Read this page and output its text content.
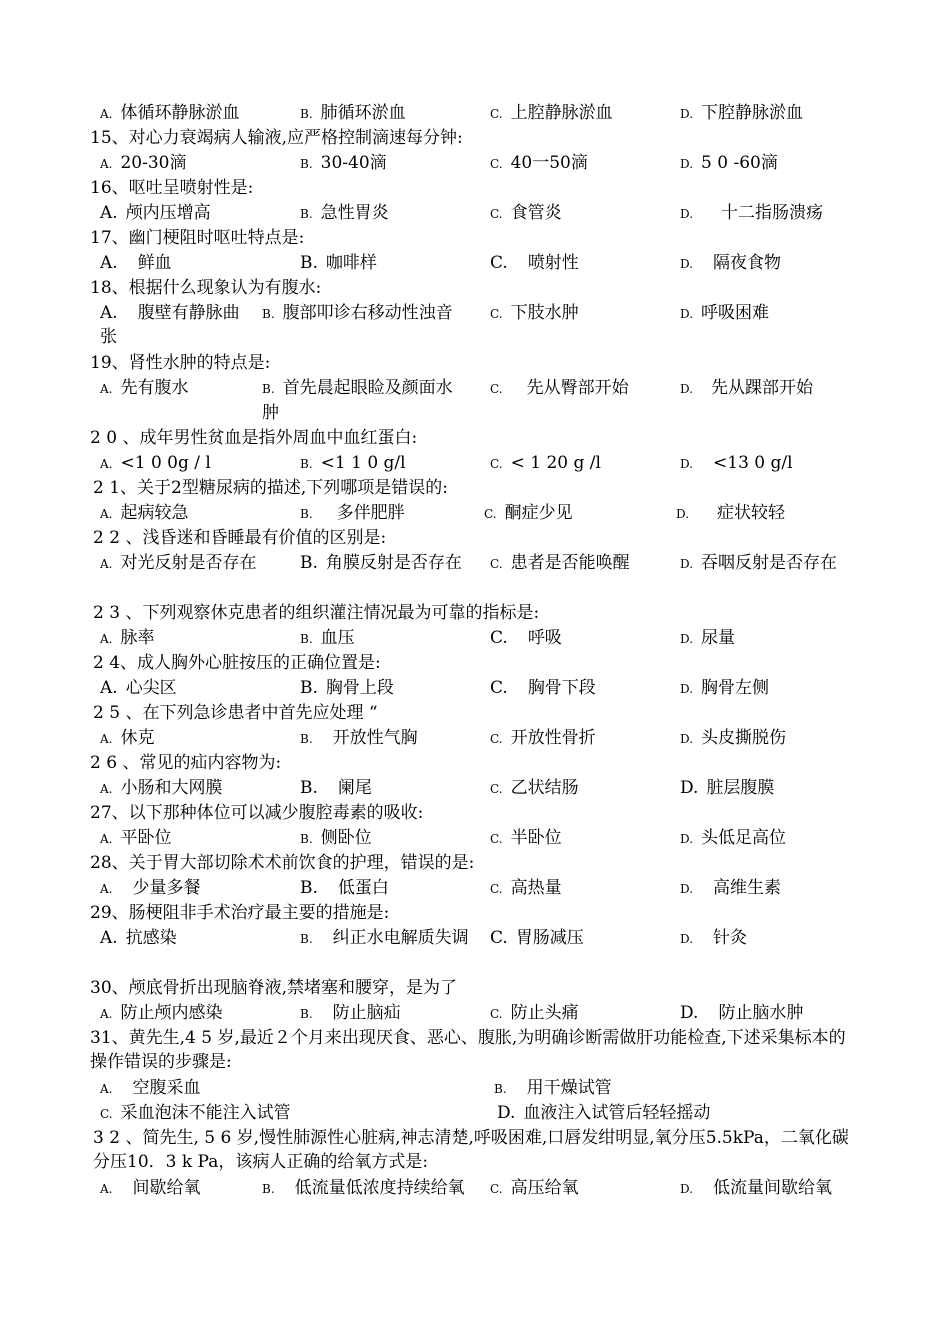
A. 体循环静脉淤血	B. 肺循环淤血	C. 上腔静脉淤血	D. 下腔静脉淤血
15、对心力衰竭病人输液,应严格控制滴速每分钟:
A. 20-30滴	B. 30-40滴	C. 40一50滴	D. 5 0 -60滴
16、呕吐呈喷射性是:
A. 颅内压增高	B. 急性胃炎	C. 食管炎	D. 十二指肠溃疡
17、幽门梗阻时呕吐特点是:
A. 鲜血	B. 咖啡样	C. 喷射性	D. 隔夜食物
18、根据什么现象认为有腹水:
A. 腹壁有静脉曲张
B. 腹部叩诊右移动性浊音	C. 下肢水肿	D. 呼吸困难
19、肾性水肿的特点是:
A. 先有腹水	B. 首先晨起眼睑及颜面水肿
C. 先从臀部开始	D. 先从踝部开始
2 0 、成年男性贫血是指外周血中血红蛋白:
A. <1 0 0g / l	B. <1 1 0 g/l	C. < 1 20 g /l	D. <13 0 g/l
2 1、关于2型糖尿病的描述,下列哪项是错误的:
A. 起病较急	B. 多伴肥胖	C. 酮症少见	D. 症状较轻
2 2 、浅昏迷和昏睡最有价值的区别是:
A. 对光反射是否存在	B. 角膜反射是否存在	C. 患者是否能唤醒	D. 吞咽反射是否存在
2 3 、下列观察休克患者的组织灌注情况最为可靠的指标是:
A. 脉率	B. 血压	C. 呼吸	D. 尿量
2 4、成人胸外心脏按压的正确位置是:
A. 心尖区	B. 胸骨上段	C. 胸骨下段	D. 胸骨左侧
2 5 、在下列急诊患者中首先应处理 “
A. 休克	B. 开放性气胸	C. 开放性骨折	D. 头皮撕脱伤
2 6 、常见的疝内容物为:
A. 小肠和大网膜	B. 阑尾	C. 乙状结肠	D. 脏层腹膜
27、以下那种体位可以减少腹腔毒素的吸收:
A. 平卧位	B. 侧卧位	C. 半卧位	D. 头低足高位
28、关于胃大部切除术术前饮食的护理，错误的是:
A. 少量多餐	B. 低蛋白	C. 高热量	D. 高维生素
29、肠梗阻非手术治疗最主要的措施是:
A. 抗感染	B. 纠正水电解质失调	C. 胃肠减压	D. 针灸
30、颅底骨折出现脑脊液,禁堵塞和腰穿，是为了
A. 防止颅内感染	B. 防止脑疝	C. 防止头痛	D. 防止脑水肿
31、黄先生,4 5 岁,最近２个月来出现厌食、恶心、腹胀,为明确诊断需做肝功能检查,下述采集标本的操作错误的步骤是:
A. 空腹采血	B. 用干燥试管
C. 采血泡沫不能注入试管	D. 血液注入试管后轻轻摇动
3 2 、简先生, 5 6 岁,慢性肺源性心脏病,神志清楚,呼吸困难,口唇发绀明显,氧分压5.5kPa，二氧化碳分压10．3 k Pa，该病人正确的给氧方式是:
A. 间歇给氧	B. 低流量低浓度持续给氧	C. 高压给氧	D. 低流量间歇给氧
